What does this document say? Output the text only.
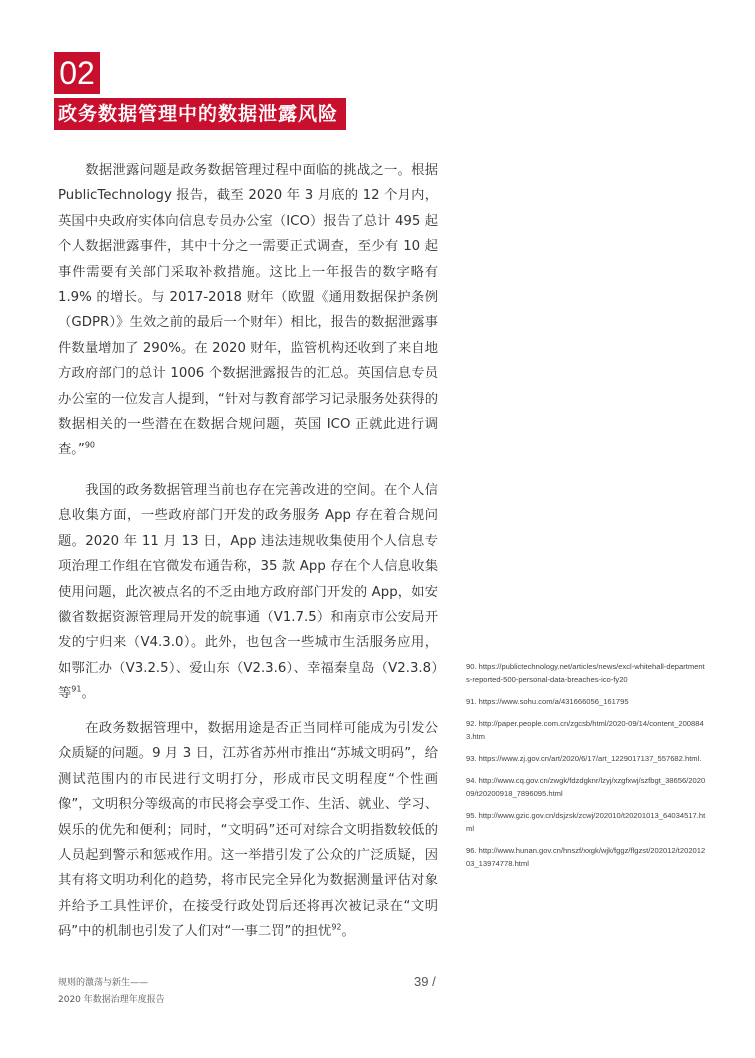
02
政务数据管理中的数据泄露风险

数据泄露问题是政务数据管理过程中面临的挑战之一。根据 PublicTechnology 报告，截至 2020 年 3 月底的 12 个月内，英国中央政府实体向信息专员办公室（ICO）报告了总计 495 起个人数据泄露事件，其中十分之一需要正式调查，至少有 10 起事件需要有关部门采取补救措施。这比上一年报告的数字略有 1.9% 的增长。与 2017-2018 财年（欧盟《通用数据保护条例（GDPR）》生效之前的最后一个财年）相比，报告的数据泄露事件数量增加了 290%。在 2020 财年，监管机构还收到了来自地方政府部门的总计 1006 个数据泄露报告的汇总。英国信息专员办公室的一位发言人提到，“针对与教育部学习记录服务处获得的数据相关的一些潜在在数据合规问题，英国 ICO 正就此进行调查。”$^{90}$

我国的政务数据管理当前也存在完善改进的空间。在个人信息收集方面，一些政府部门开发的政务服务 App 存在着合规问题。2020 年 11 月 13 日，App 违法违规收集使用个人信息专项治理工作组在官微发布通告称，35 款 App 存在个人信息收集使用问题，此次被点名的不乏由地方政府部门开发的 App，如安徽省数据资源管理局开发的皖事通（V1.7.5）和南京市公安局开发的宁归来（V4.3.0）。此外，也包含一些城市生活服务应用，如鄂汇办（V3.2.5）、爱山东（V2.3.6）、幸福秦皇岛（V2.3.8）等$^{91}$。

在政务数据管理中，数据用途是否正当同样可能成为引发公众质疑的问题。9 月 3 日，江苏省苏州市推出“苏城文明码”，给测试范围内的市民进行文明打分，形成市民文明程度“个性画像”，文明积分等级高的市民将会享受工作、生活、就业、学习、娱乐的优先和便利；同时，“文明码”还可对综合文明指数较低的人员起到警示和惩戒作用。这一举措引发了公众的广泛质疑，因其有将文明功利化的趋势，将市民完全异化为数据测量评估对象并给予工具性评价，在接受行政处罚后还将再次被记录在“文明码”中的机制也引发了人们对“一事二罚”的担忧$^{92}$。

90. https://publictechnology.net/articles/news/excl-whitehall-departments-reported-500-personal-data-breaches-ico-fy20

91. https://www.sohu.com/a/431666056_161795

92. http://paper.people.com.cn/zgcsb/html/2020-09/14/content_2008843.htm

93. https://www.zj.gov.cn/art/2020/6/17/art_1229017137_557682.html.

94. http://www.cq.gov.cn/zwgk/fdzdgknr/lzyj/xzgfxwj/szfbgt_38656/202009/t20200918_7896095.html

95. http://www.gzic.gov.cn/dsjzsk/zcwj/202010/t20201013_64034517.html

96. http://www.hunan.gov.cn/hnszf/xxgk/wjk/fggz/flgzst/202012/t20201203_13974778.html

规则的激荡与新生——
2020 年数据治理年度报告
39 /
